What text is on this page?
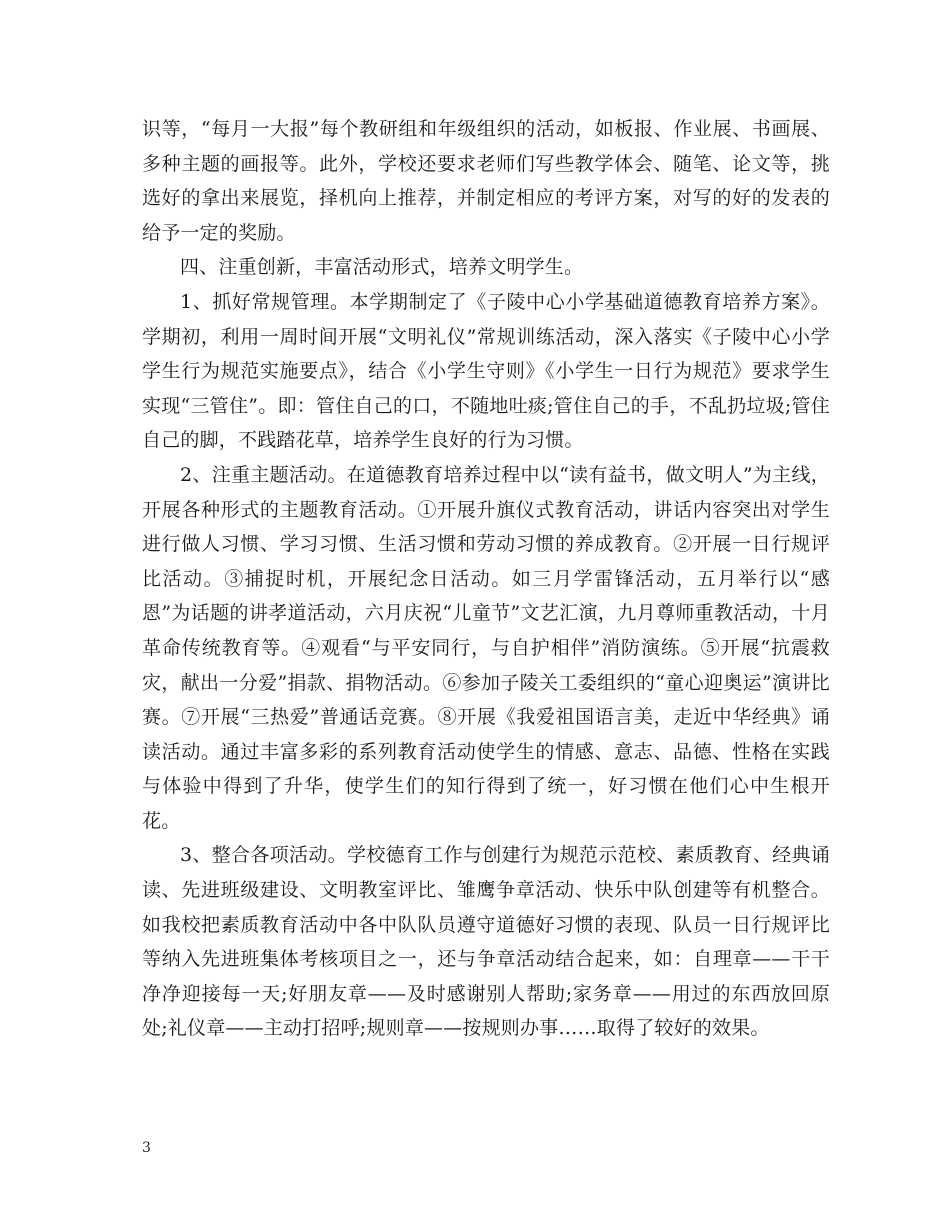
识等，“每月一大报”每个教研组和年级组织的活动，如板报、作业展、书画展、多种主题的画报等。此外，学校还要求老师们写些教学体会、随笔、论文等，挑选好的拿出来展览，择机向上推荐，并制定相应的考评方案，对写的好的发表的给予一定的奖励。

四、注重创新，丰富活动形式，培养文明学生。

1、抓好常规管理。本学期制定了《子陵中心小学基础道德教育培养方案》。学期初，利用一周时间开展“文明礼仪”常规训练活动，深入落实《子陵中心小学学生行为规范实施要点》，结合《小学生守则》《小学生一日行为规范》要求学生实现“三管住”。即：管住自己的口，不随地吐痰;管住自己的手，不乱扔垃圾;管住自己的脚，不践踏花草，培养学生良好的行为习惯。

2、注重主题活动。在道德教育培养过程中以“读有益书，做文明人”为主线，开展各种形式的主题教育活动。①开展升旗仪式教育活动，讲话内容突出对学生进行做人习惯、学习习惯、生活习惯和劳动习惯的养成教育。②开展一日行规评比活动。③捕捉时机，开展纪念日活动。如三月学雷锋活动，五月举行以“感恩”为话题的讲孝道活动，六月庆祝“儿童节”文艺汇演，九月尊师重教活动，十月革命传统教育等。④观看“与平安同行，与自护相伴”消防演练。⑤开展“抗震救灾，献出一分爱”捐款、捐物活动。⑥参加子陵关工委组织的“童心迎奥运”演讲比赛。⑦开展“三热爱”普通话竞赛。⑧开展《我爱祖国语言美，走近中华经典》诵读活动。通过丰富多彩的系列教育活动使学生的情感、意志、品德、性格在实践与体验中得到了升华，使学生们的知行得到了统一，好习惯在他们心中生根开花。

3、整合各项活动。学校德育工作与创建行为规范示范校、素质教育、经典诵读、先进班级建设、文明教室评比、雏鹰争章活动、快乐中队创建等有机整合。如我校把素质教育活动中各中队队员遵守道德好习惯的表现、队员一日行规评比等纳入先进班集体考核项目之一，还与争章活动结合起来，如：自理章——干干净净迎接每一天;好朋友章——及时感谢别人帮助;家务章——用过的东西放回原处;礼仪章——主动打招呼;规则章——按规则办事……取得了较好的效果。

3
